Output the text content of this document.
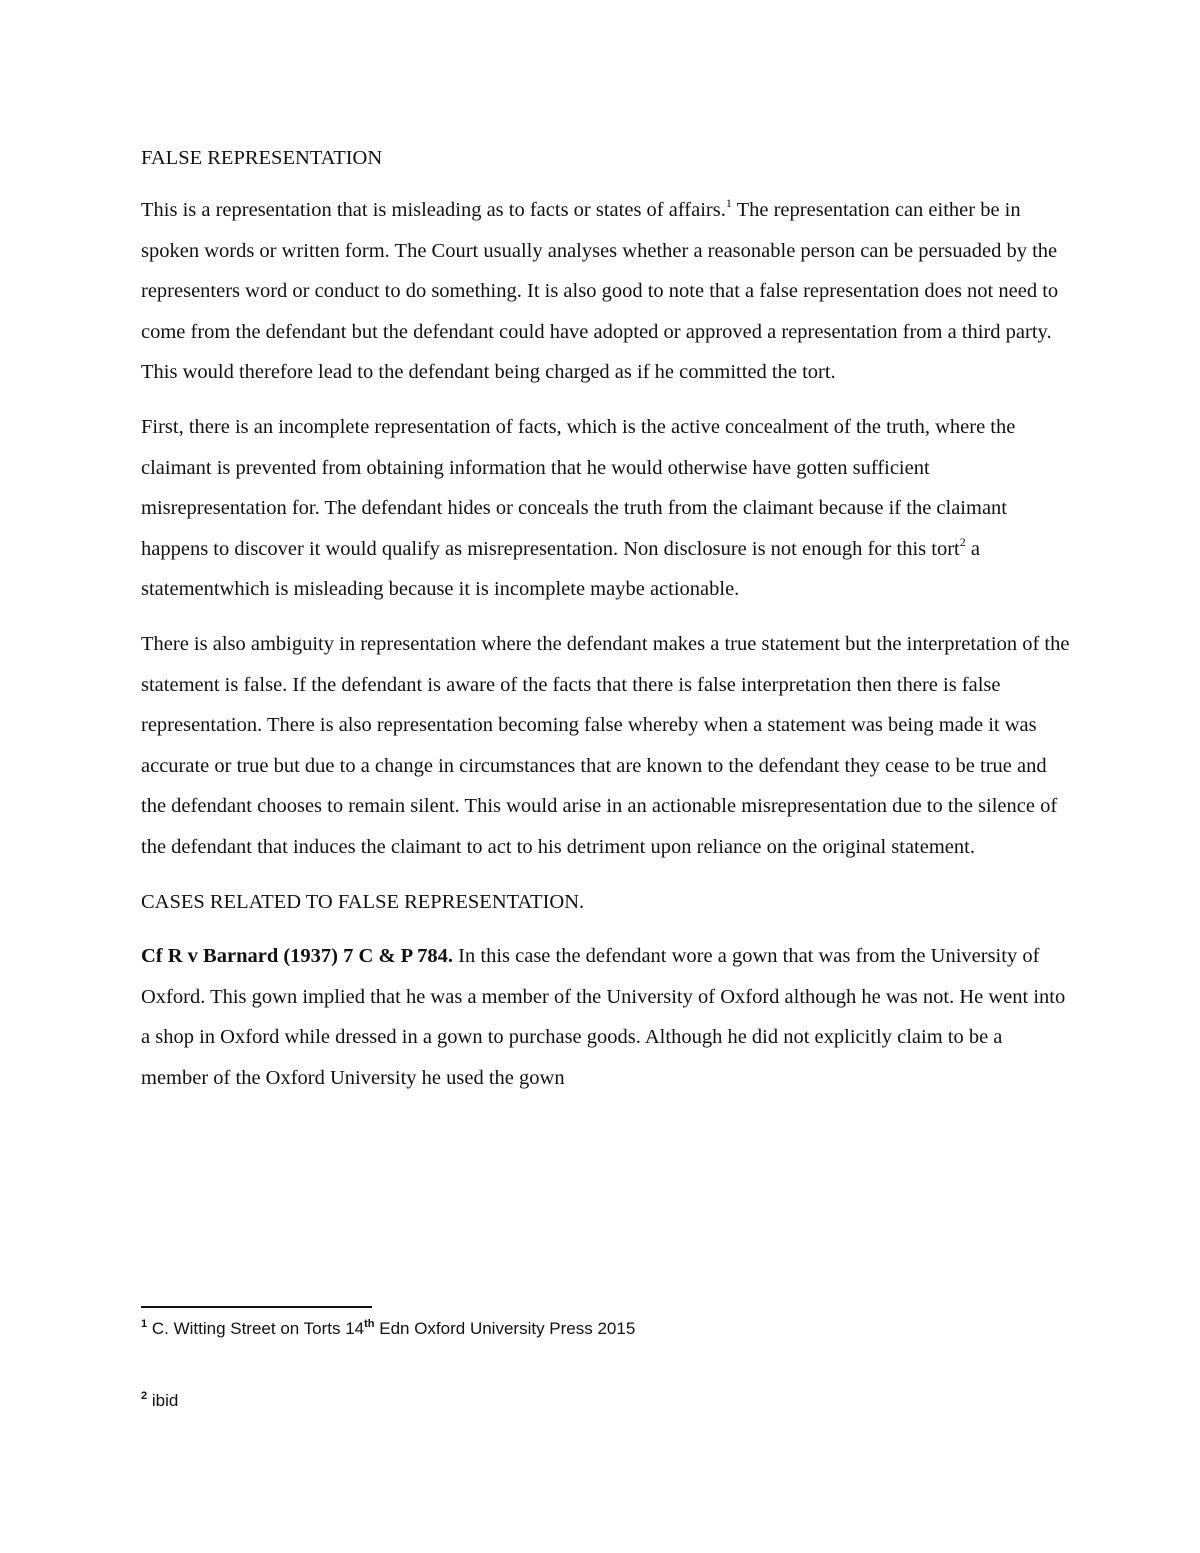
FALSE REPRESENTATION

This is a representation that is misleading as to facts or states of affairs.$^1$ The representation can either be in spoken words or written form. The Court usually analyses whether a reasonable person can be persuaded by the representers word or conduct to do something. It is also good to note that a false representation does not need to come from the defendant but the defendant could have adopted or approved a representation from a third party. This would therefore lead to the defendant being charged as if he committed the tort.

First, there is an incomplete representation of facts, which is the active concealment of the truth, where the claimant is prevented from obtaining information that he would otherwise have gotten sufficient misrepresentation for. The defendant hides or conceals the truth from the claimant because if the claimant happens to discover it would qualify as misrepresentation. Non disclosure is not enough for this tort$^2$ a statementwhich is misleading because it is incomplete maybe actionable.

There is also ambiguity in representation where the defendant makes a true statement but the interpretation of the statement is false. If the defendant is aware of the facts that there is false interpretation then there is false representation. There is also representation becoming false whereby when a statement was being made it was accurate or true but due to a change in circumstances that are known to the defendant they cease to be true and the defendant chooses to remain silent. This would arise in an actionable misrepresentation due to the silence of the defendant that induces the claimant to act to his detriment upon reliance on the original statement.

CASES RELATED TO FALSE REPRESENTATION.

Cf R v Barnard (1937) 7 C & P 784. In this case the defendant wore a gown that was from the University of Oxford. This gown implied that he was a member of the University of Oxford although he was not. He went into a shop in Oxford while dressed in a gown to purchase goods. Although he did not explicitly claim to be a member of the Oxford University he used the gown

$^1$ C. Witting Street on Torts 14th Edn Oxford University Press 2015
$^2$ ibid
